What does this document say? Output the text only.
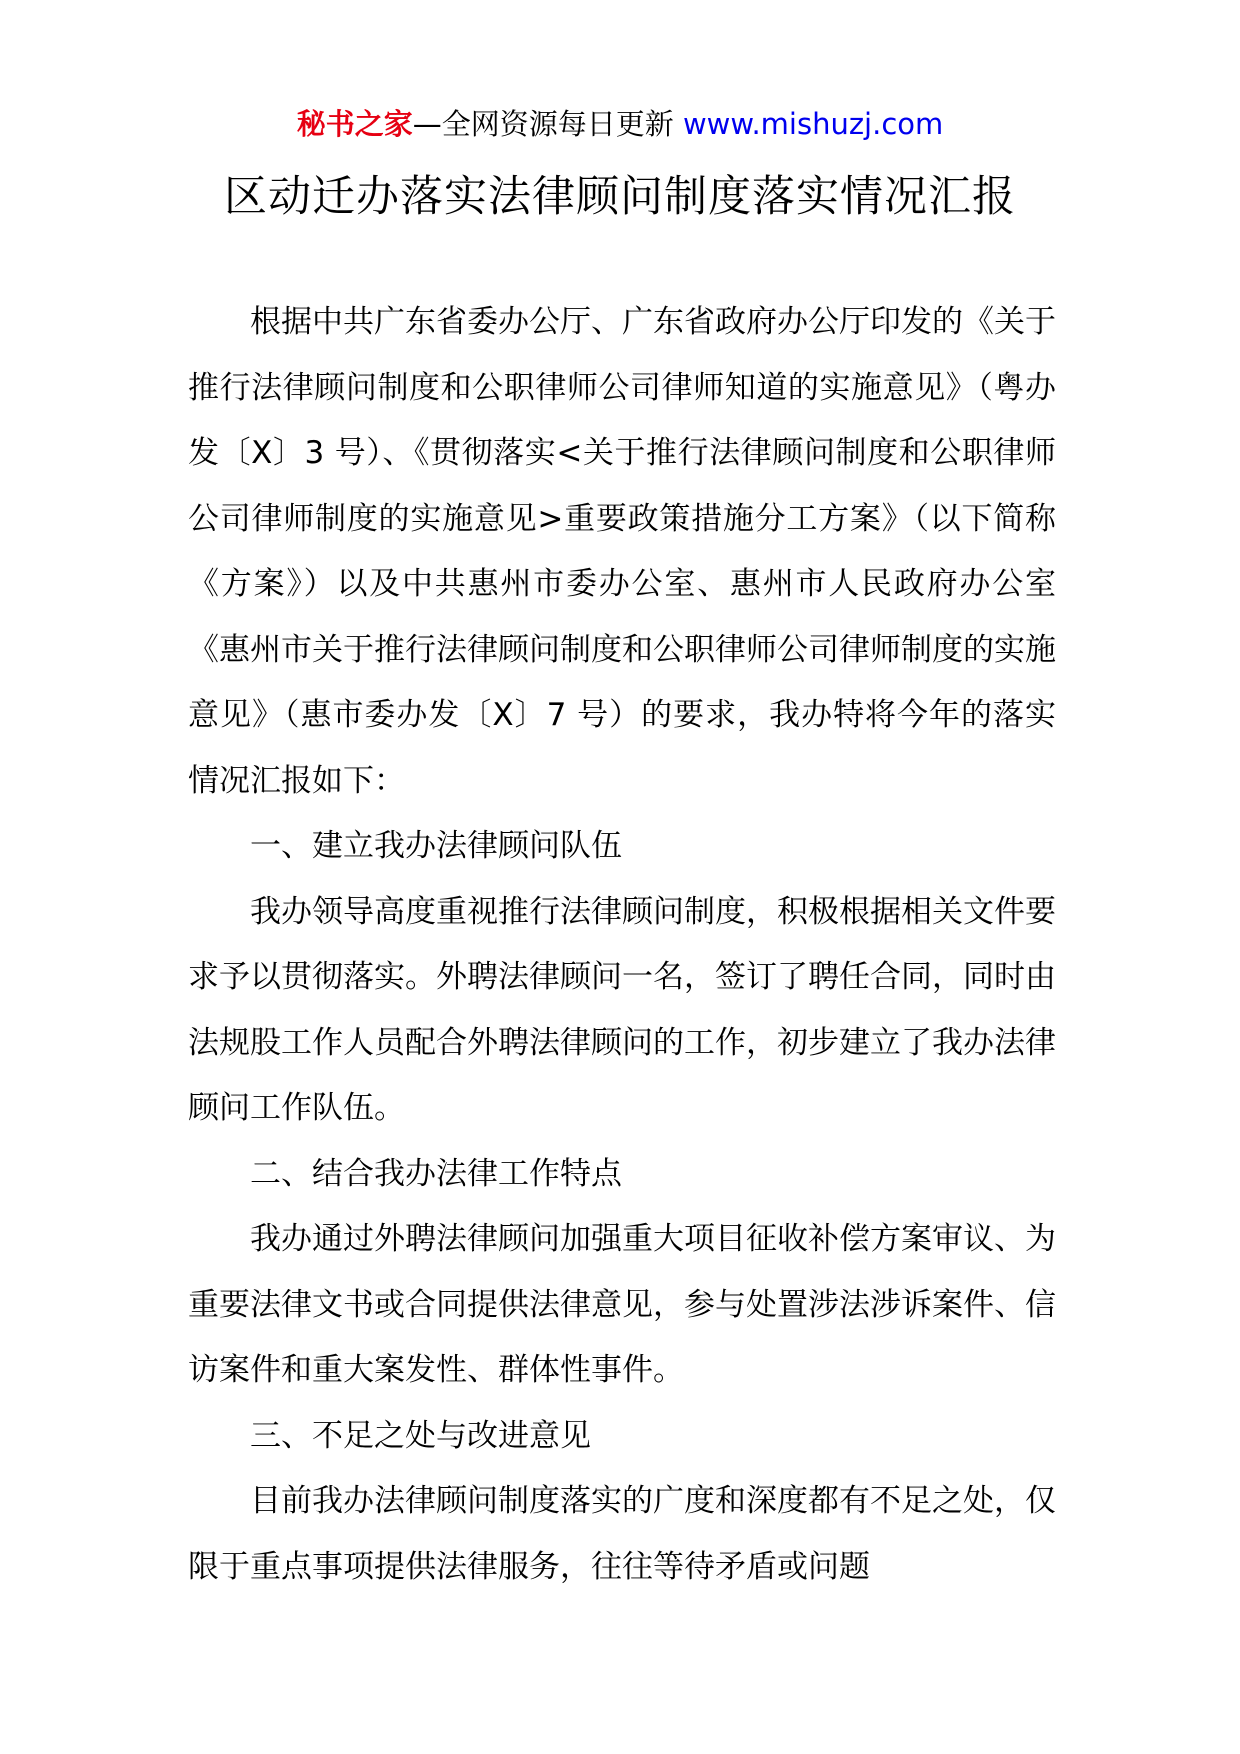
秘书之家—全网资源每日更新 www.mishuzj.com
区动迁办落实法律顾问制度落实情况汇报

根据中共广东省委办公厅、广东省政府办公厅印发的《关于推行法律顾问制度和公职律师公司律师知道的实施意见》（粤办发〔X〕3 号）、《贯彻落实<关于推行法律顾问制度和公职律师公司律师制度的实施意见>重要政策措施分工方案》（以下简称《方案》）以及中共惠州市委办公室、惠州市人民政府办公室《惠州市关于推行法律顾问制度和公职律师公司律师制度的实施意见》（惠市委办发〔X〕7 号）的要求，我办特将今年的落实情况汇报如下：

一、建立我办法律顾问队伍

我办领导高度重视推行法律顾问制度，积极根据相关文件要求予以贯彻落实。外聘法律顾问一名，签订了聘任合同，同时由法规股工作人员配合外聘法律顾问的工作，初步建立了我办法律顾问工作队伍。

二、结合我办法律工作特点

我办通过外聘法律顾问加强重大项目征收补偿方案审议、为重要法律文书或合同提供法律意见，参与处置涉法涉诉案件、信访案件和重大案发性、群体性事件。

三、不足之处与改进意见

目前我办法律顾问制度落实的广度和深度都有不足之处，仅限于重点事项提供法律服务，往往等待矛盾或问题
